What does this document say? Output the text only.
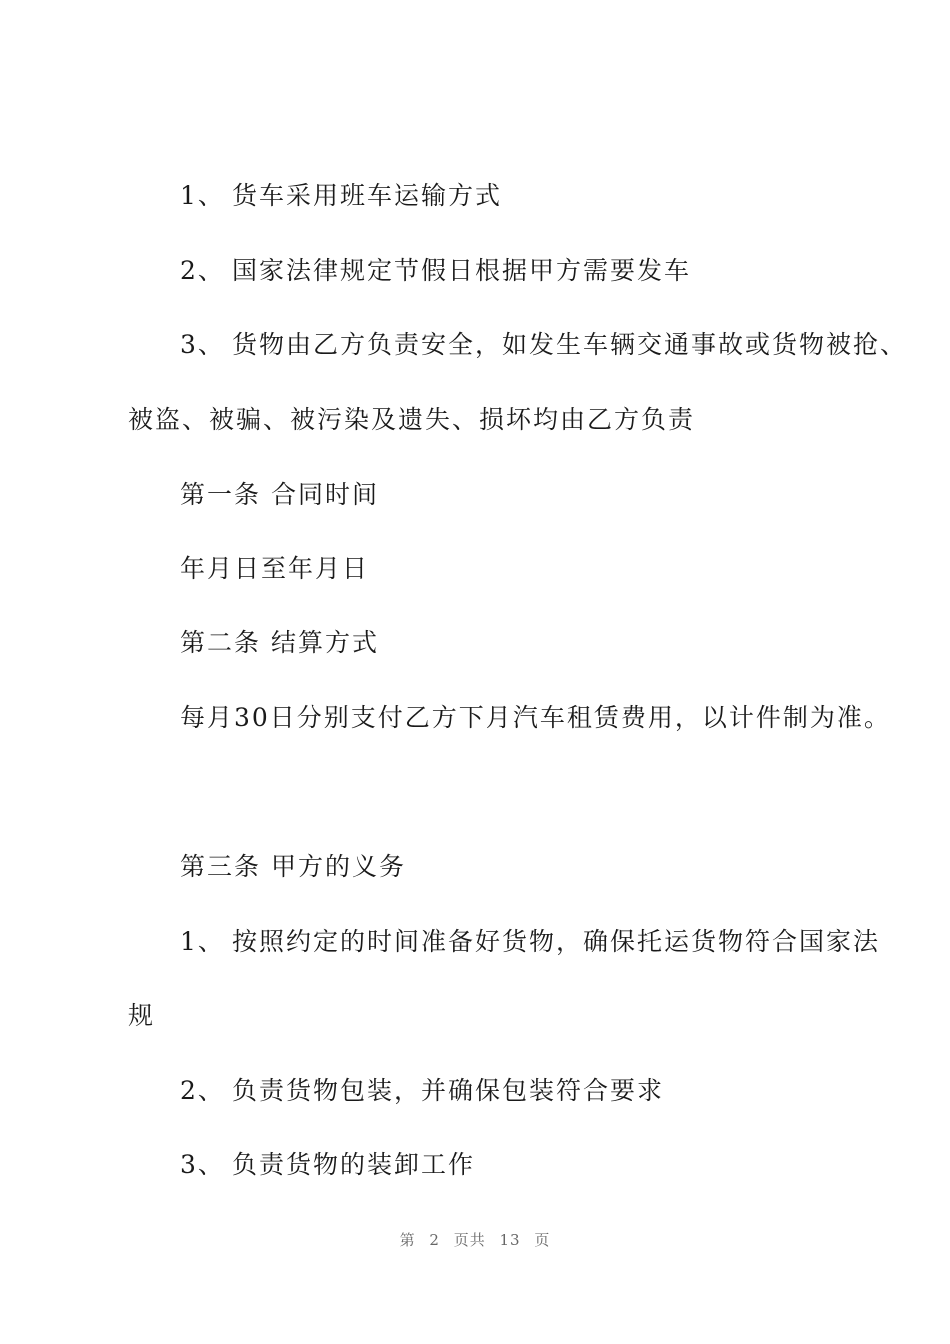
1、 货车采用班车运输方式
2、 国家法律规定节假日根据甲方需要发车
3、 货物由乙方负责安全，如发生车辆交通事故或货物被抢、
被盗、被骗、被污染及遗失、损坏均由乙方负责
第一条 合同时间
年月日至年月日
第二条 结算方式
每月30日分别支付乙方下月汽车租赁费用，以计件制为准。
第三条 甲方的义务
1、 按照约定的时间准备好货物，确保托运货物符合国家法
规
2、 负责货物包装，并确保包装符合要求
3、 负责货物的装卸工作
第 2 页共 13 页
